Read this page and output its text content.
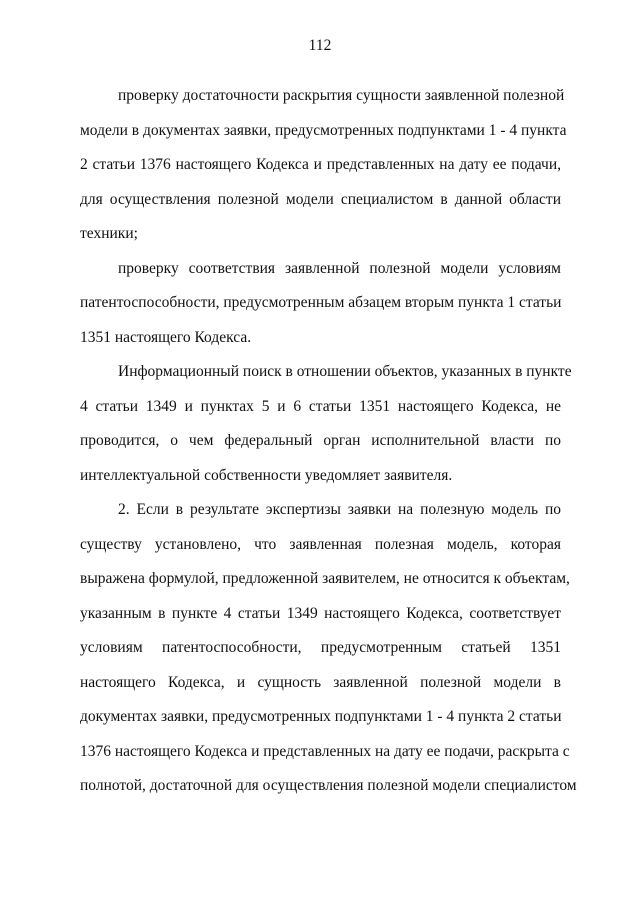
112
проверку достаточности раскрытия сущности заявленной полезной
модели в документах заявки, предусмотренных подпунктами 1 - 4 пункта
2 статьи 1376 настоящего Кодекса и представленных на дату ее подачи,
для осуществления полезной модели специалистом в данной области
техники;
проверку соответствия заявленной полезной модели условиям
патентоспособности, предусмотренным абзацем вторым пункта 1 статьи
1351 настоящего Кодекса.
Информационный поиск в отношении объектов, указанных в пункте
4 статьи 1349 и пунктах 5 и 6 статьи 1351 настоящего Кодекса, не
проводится, о чем федеральный орган исполнительной власти по
интеллектуальной собственности уведомляет заявителя.
2. Если в результате экспертизы заявки на полезную модель по
существу установлено, что заявленная полезная модель, которая
выражена формулой, предложенной заявителем, не относится к объектам,
указанным в пункте 4 статьи 1349 настоящего Кодекса, соответствует
условиям патентоспособности, предусмотренным статьей 1351
настоящего Кодекса, и сущность заявленной полезной модели в
документах заявки, предусмотренных подпунктами 1 - 4 пункта 2 статьи
1376 настоящего Кодекса и представленных на дату ее подачи, раскрыта с
полнотой, достаточной для осуществления полезной модели специалистом
